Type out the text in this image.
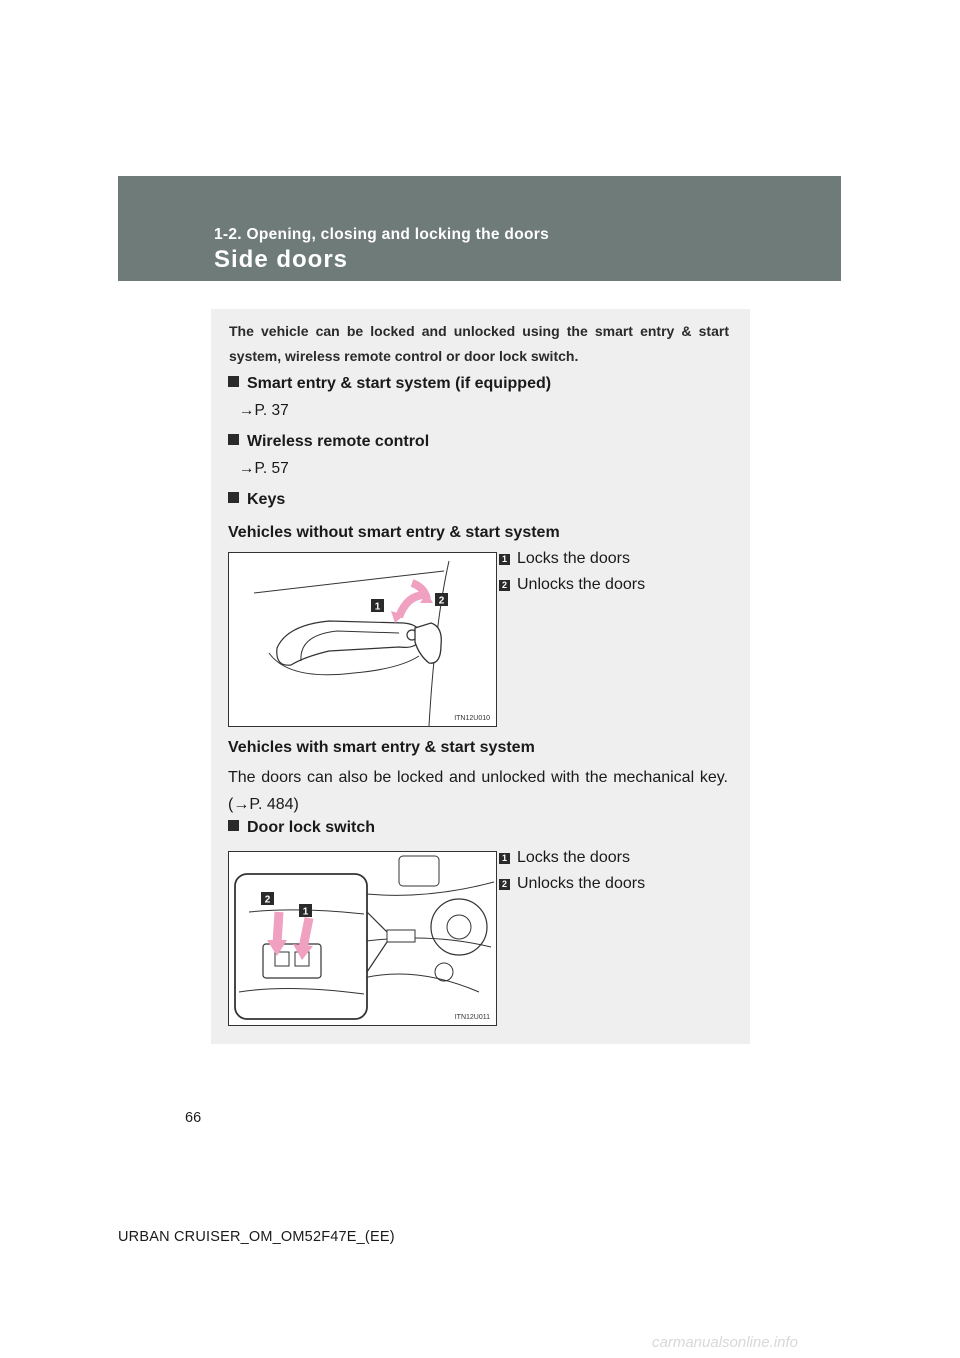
1-2. Opening, closing and locking the doors
Side doors
The vehicle can be locked and unlocked using the smart entry & start system, wireless remote control or door lock switch.
Smart entry & start system (if equipped)
→P. 37
Wireless remote control
→P. 57
Keys
Vehicles without smart entry & start system
1
2
ITN12U010
1 Locks the doors
2 Unlocks the doors
Vehicles with smart entry & start system
The doors can also be locked and unlocked with the mechanical key. (→P. 484)
Door lock switch
2
1
ITN12U011
1 Locks the doors
2 Unlocks the doors
66
URBAN CRUISER_OM_OM52F47E_(EE)
carmanualsonline.info
